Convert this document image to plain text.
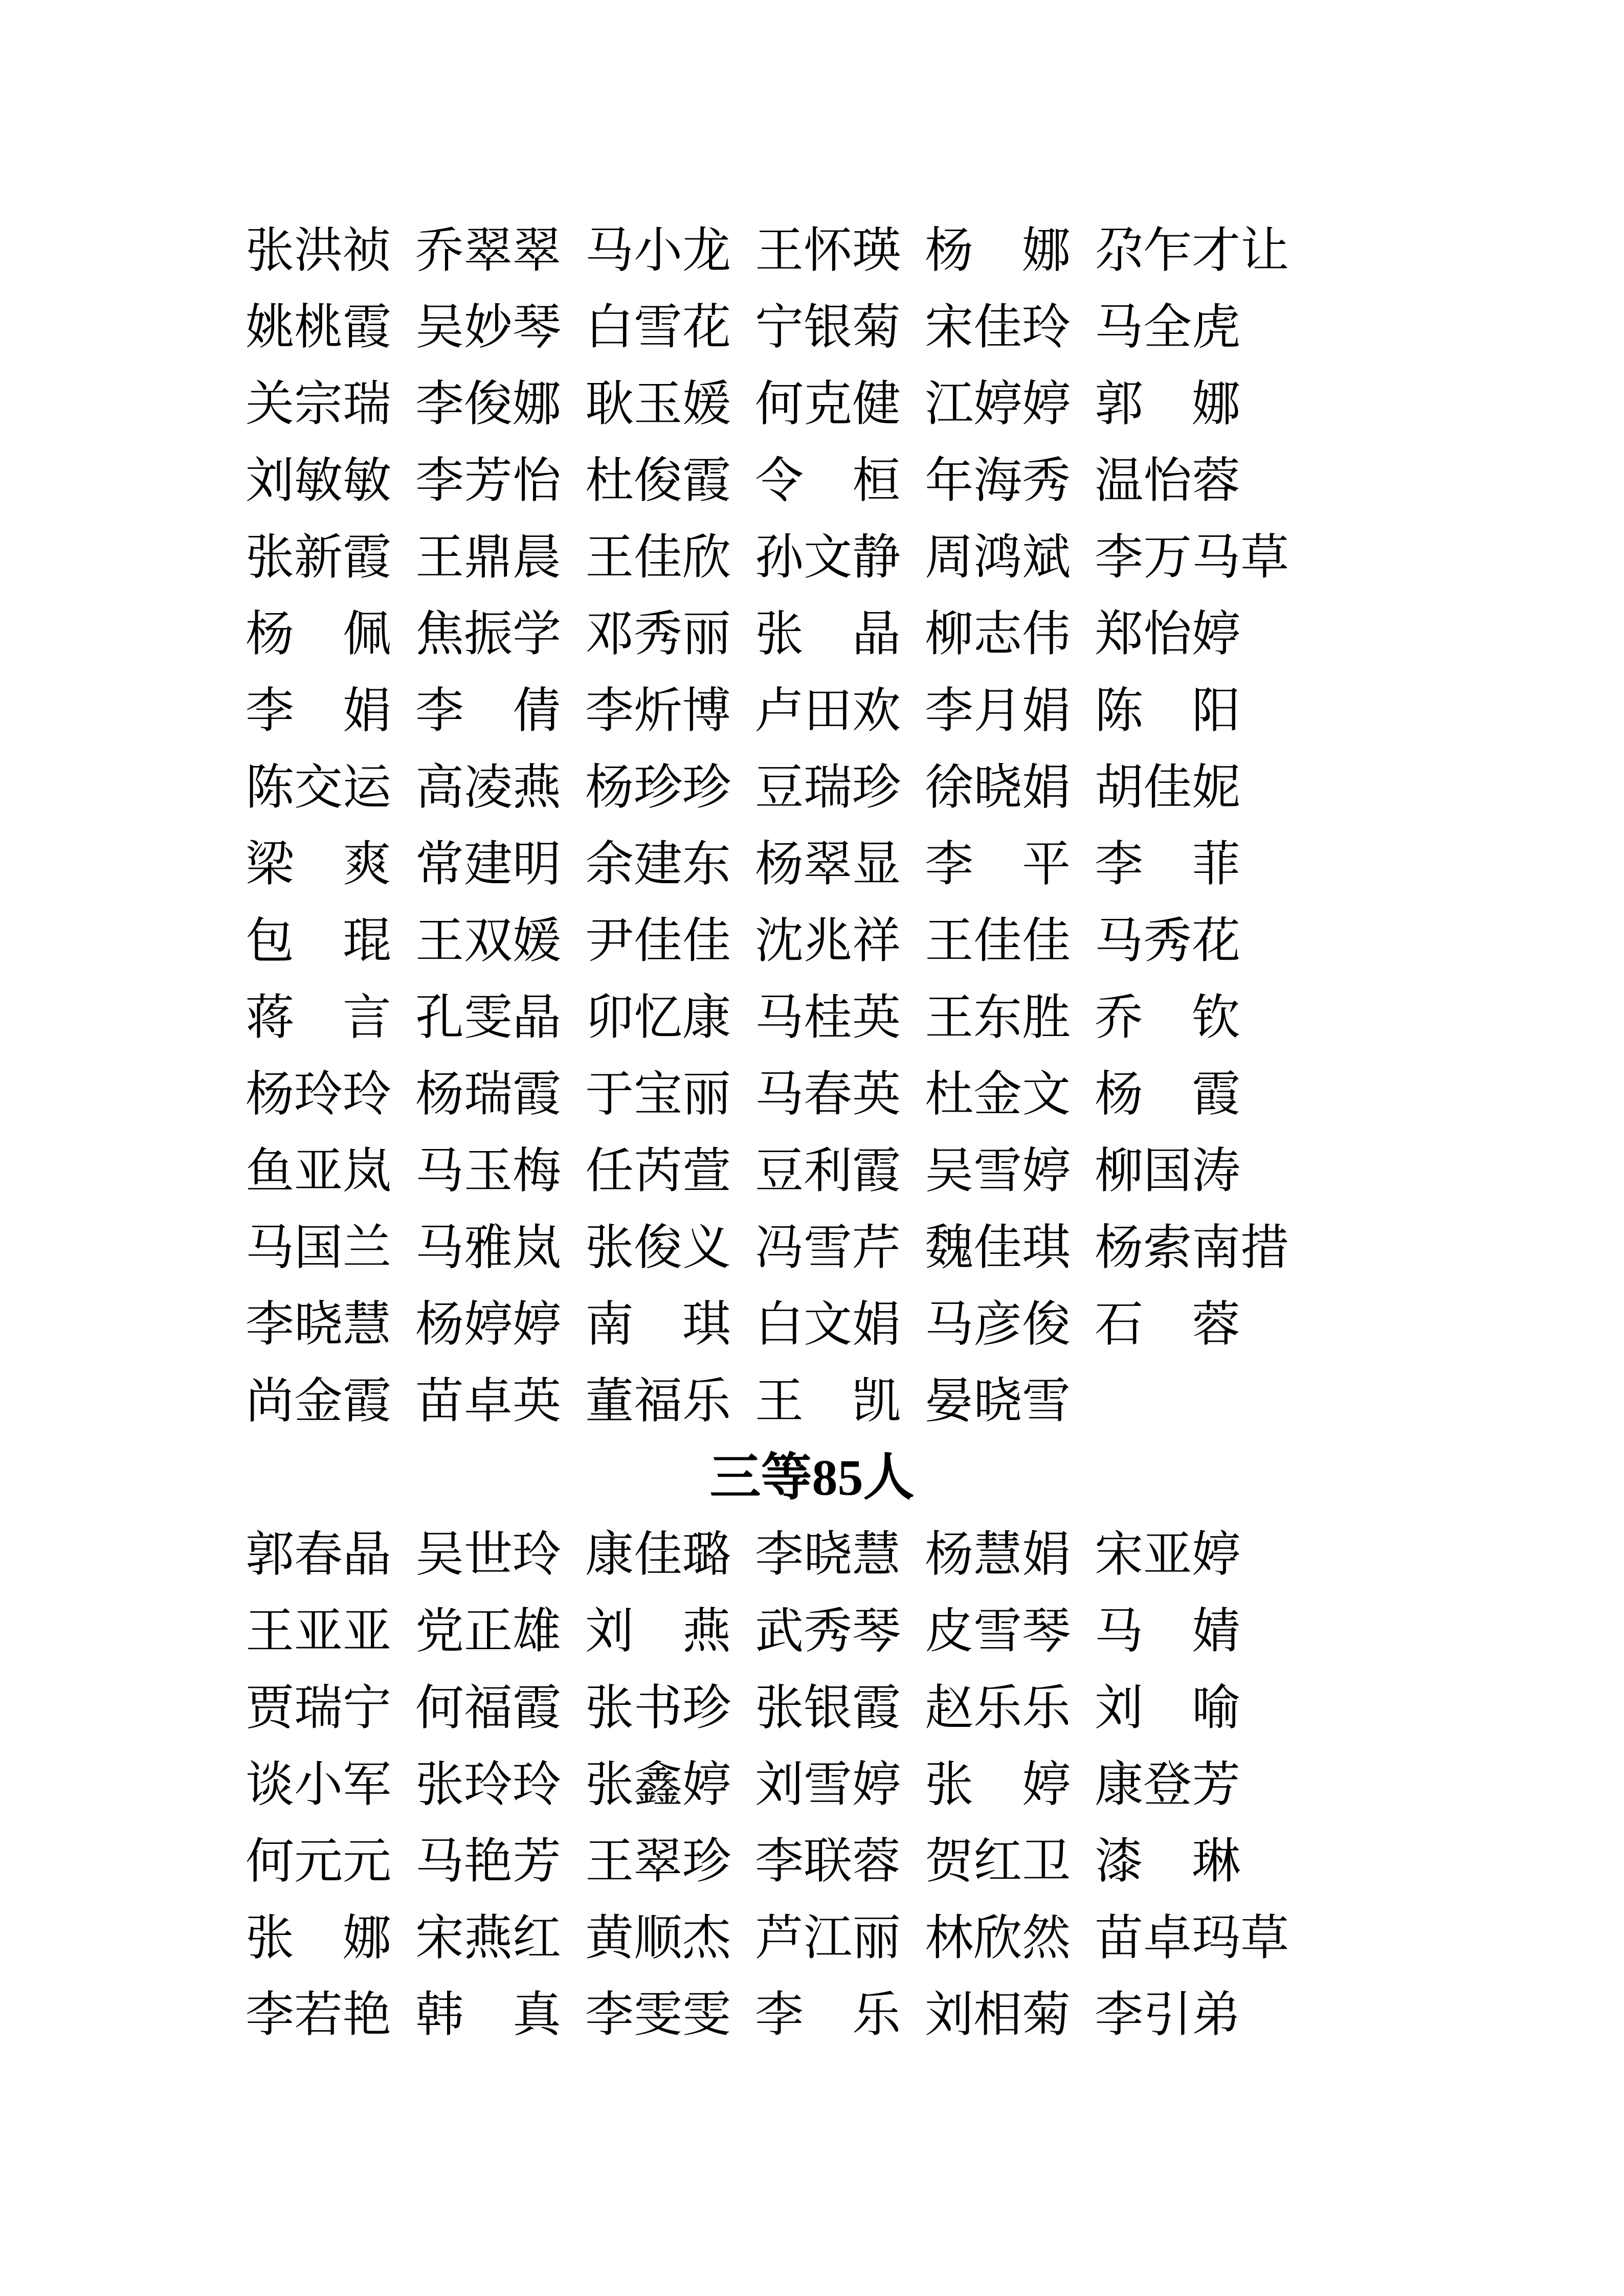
张洪祯 乔翠翠 马小龙 王怀瑛 杨　娜 尕乍才让
姚桃霞 吴妙琴 白雪花 宁银菊 宋佳玲 马全虎
关宗瑞 李俊娜 耿玉媛 何克健 江婷婷 郭　娜
刘敏敏 李芳怡 杜俊霞 令　桓 年海秀 温怡蓉
张新霞 王鼎晨 王佳欣 孙文静 周鸿斌 李万马草
杨　佩 焦振学 邓秀丽 张　晶 柳志伟 郑怡婷
李　娟 李　倩 李炘博 卢田欢 李月娟 陈　阳
陈交运 高凌燕 杨珍珍 豆瑞珍 徐晓娟 胡佳妮
梁　爽 常建明 余建东 杨翠显 李　平 李　菲
包　琨 王双媛 尹佳佳 沈兆祥 王佳佳 马秀花
蒋　言 孔雯晶 卯忆康 马桂英 王东胜 乔　钦
杨玲玲 杨瑞霞 于宝丽 马春英 杜金文 杨　霞
鱼亚岚 马玉梅 任芮萱 豆利霞 吴雪婷 柳国涛
马国兰 马雅岚 张俊义 冯雪芹 魏佳琪 杨索南措
李晓慧 杨婷婷 南　琪 白文娟 马彦俊 石　蓉
尚金霞 苗卓英 董福乐 王　凯 晏晓雪
三等85人
郭春晶 吴世玲 康佳璐 李晓慧 杨慧娟 宋亚婷
王亚亚 党正雄 刘　燕 武秀琴 皮雪琴 马　婧
贾瑞宁 何福霞 张书珍 张银霞 赵乐乐 刘　喻
谈小军 张玲玲 张鑫婷 刘雪婷 张　婷 康登芳
何元元 马艳芳 王翠珍 李联蓉 贺红卫 漆　琳
张　娜 宋燕红 黄顺杰 芦江丽 林欣然 苗卓玛草
李若艳 韩　真 李雯雯 李　乐 刘相菊 李引弟
